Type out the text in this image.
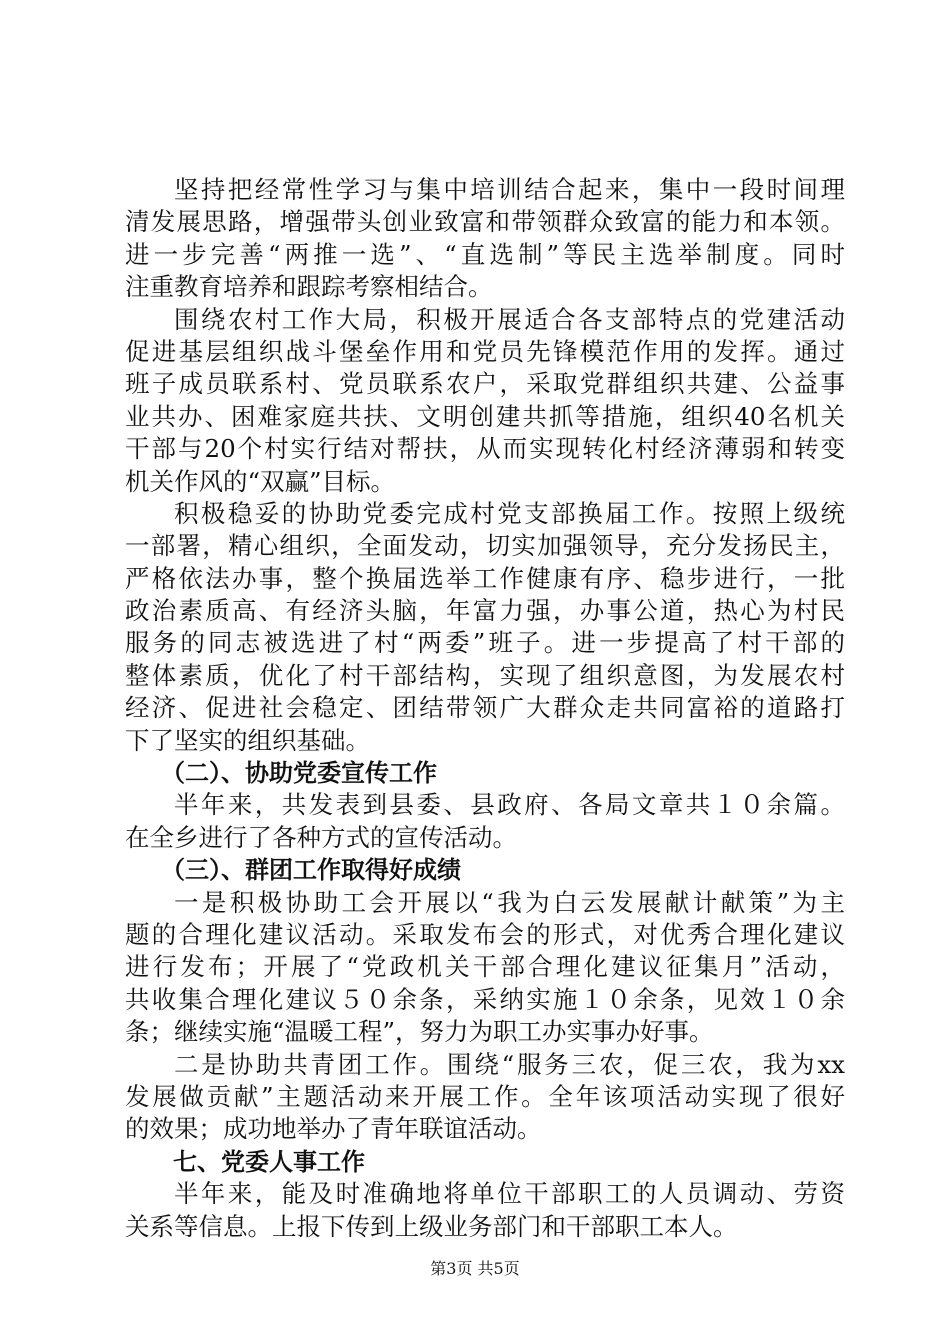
坚持把经常性学习与集中培训结合起来，集中一段时间理
清发展思路，增强带头创业致富和带领群众致富的能力和本领。
进一步完善“两推一选”、“直选制”等民主选举制度。同时
注重教育培养和跟踪考察相结合。
围绕农村工作大局，积极开展适合各支部特点的党建活动
促进基层组织战斗堡垒作用和党员先锋模范作用的发挥。通过
班子成员联系村、党员联系农户，采取党群组织共建、公益事
业共办、困难家庭共扶、文明创建共抓等措施，组织40名机关
干部与20个村实行结对帮扶，从而实现转化村经济薄弱和转变
机关作风的“双赢”目标。
积极稳妥的协助党委完成村党支部换届工作。按照上级统
一部署，精心组织，全面发动，切实加强领导，充分发扬民主，
严格依法办事，整个换届选举工作健康有序、稳步进行，一批
政治素质高、有经济头脑，年富力强，办事公道，热心为村民
服务的同志被选进了村“两委”班子。进一步提高了村干部的
整体素质，优化了村干部结构，实现了组织意图，为发展农村
经济、促进社会稳定、团结带领广大群众走共同富裕的道路打
下了坚实的组织基础。
（二）、协助党委宣传工作
半年来，共发表到县委、县政府、各局文章共１０余篇。
在全乡进行了各种方式的宣传活动。
（三）、群团工作取得好成绩
一是积极协助工会开展以“我为白云发展献计献策”为主
题的合理化建议活动。采取发布会的形式，对优秀合理化建议
进行发布；开展了“党政机关干部合理化建议征集月”活动，
共收集合理化建议５０余条，采纳实施１０余条，见效１０余
条；继续实施“温暖工程”，努力为职工办实事办好事。
二是协助共青团工作。围绕“服务三农，促三农，我为xx
发展做贡献”主题活动来开展工作。全年该项活动实现了很好
的效果；成功地举办了青年联谊活动。
七、党委人事工作
半年来，能及时准确地将单位干部职工的人员调动、劳资
关系等信息。上报下传到上级业务部门和干部职工本人。
第3页 共5页
